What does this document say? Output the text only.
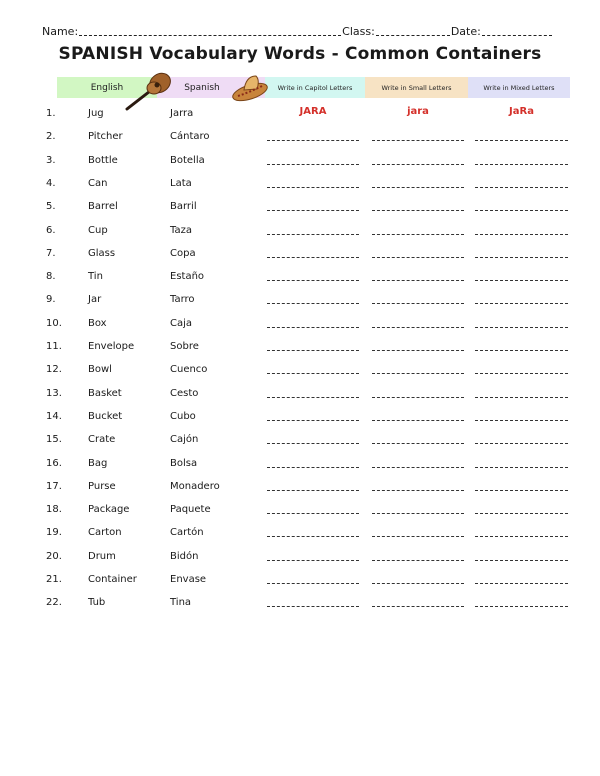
Name:	Class:	Date:
SPANISH Vocabulary Words - Common Containers
English	Spanish	Write in Capitol Letters	Write in Small Letters	Write in Mixed Letters
1.	Jug	Jarra	JARA	jara	JaRa
2.	Pitcher	Cántaro
3.	Bottle	Botella
4.	Can	Lata
5.	Barrel	Barril
6.	Cup	Taza
7.	Glass	Copa
8.	Tin	Estaño
9.	Jar	Tarro
10.	Box	Caja
11.	Envelope	Sobre
12.	Bowl	Cuenco
13.	Basket	Cesto
14.	Bucket	Cubo
15.	Crate	Cajón
16.	Bag	Bolsa
17.	Purse	Monadero
18.	Package	Paquete
19.	Carton	Cartón
20.	Drum	Bidón
21.	Container	Envase
22.	Tub	Tina
